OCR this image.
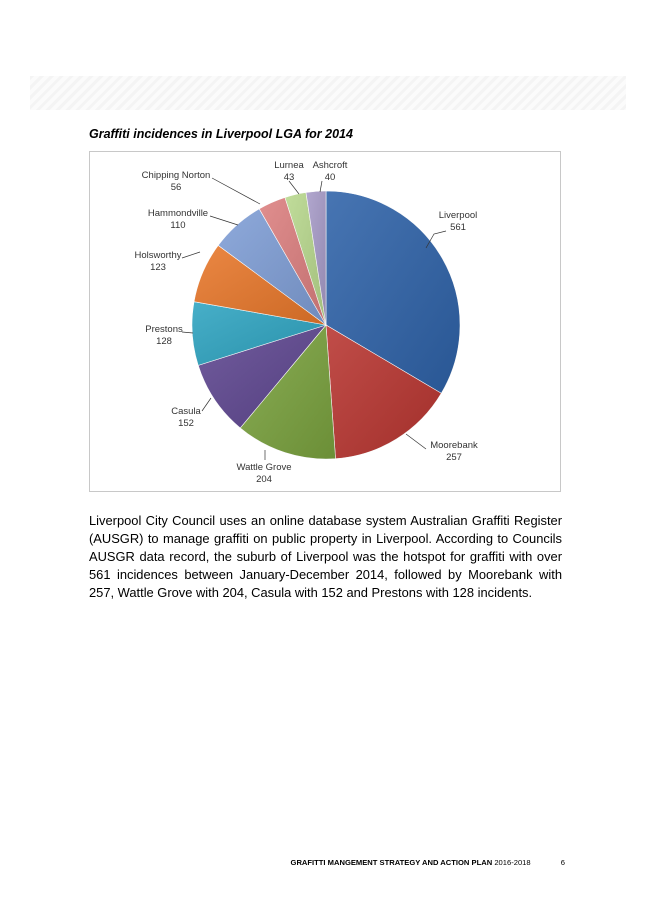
Graffiti incidences in Liverpool LGA for 2014
Liverpool
561
Moorebank
257
Wattle Grove
204
Casula
152
Prestons
128
Holsworthy
123
Hammondville
110
Chipping Norton
56
Lurnea
43
Ashcroft
40

Liverpool City Council uses an online database system Australian Graffiti Register (AUSGR) to manage graffiti on public property in Liverpool. According to Councils AUSGR data record, the suburb of Liverpool was the hotspot for graffiti with over 561 incidences between January-December 2014, followed by Moorebank with 257, Wattle Grove with 204, Casula with 152 and Prestons with 128 incidents.

GRAFITTI MANGEMENT STRATEGY AND ACTION PLAN 2016-2018	6
